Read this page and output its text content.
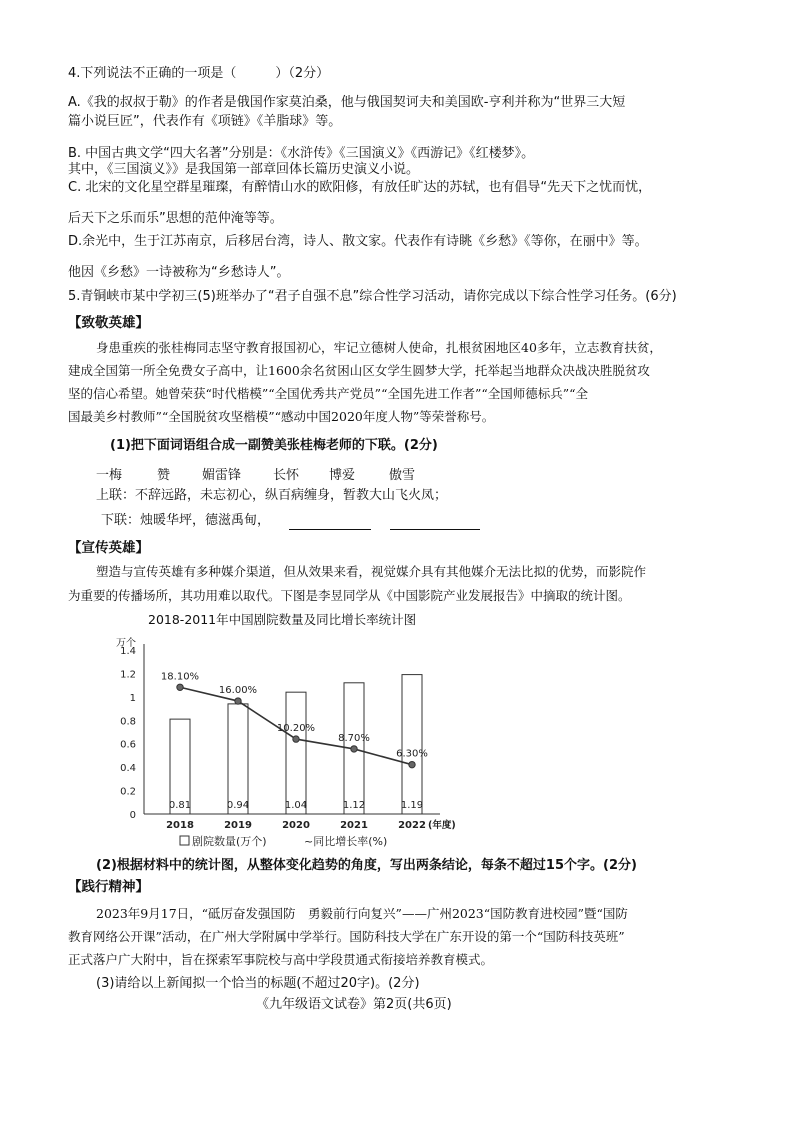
4.下列说法不正确的一项是（　　　）（2分）
A.《我的叔叔于勒》的作者是俄国作家莫泊桑，他与俄国契诃夫和美国欧-亨利并称为“世界三大短
篇小说巨匠”，代表作有《项链》《羊脂球》等。
B. 中国古典文学“四大名著”分别是：《水浒传》《三国演义》《西游记》《红楼梦》。
其中，《三国演义》》是我国第一部章回体长篇历史演义小说。
C. 北宋的文化星空群星璀璨，有醉情山水的欧阳修，有放任旷达的苏轼，也有倡导“先天下之忧而忧，
后天下之乐而乐”思想的范仲淹等等。
D.余光中，生于江苏南京，后移居台湾，诗人、散文家。代表作有诗眺《乡愁》《等你，在丽中》等。
他因《乡愁》一诗被称为“乡愁诗人”。
5.青铜峡市某中学初三(5)班举办了“君子自强不息”综合性学习活动，请你完成以下综合性学习任务。(6分)
【致敬英雄】
身患重疾的张桂梅同志坚守教育报国初心，牢记立德树人使命，扎根贫困地区40多年，立志教育扶贫，
建成全国第一所全免费女子高中，让1600余名贫困山区女学生圆梦大学，托举起当地群众决战决胜脱贫攻
坚的信心希望。她曾荣获“时代楷模”“全国优秀共产党员”“全国先进工作者”“全国师德标兵”“全
国最美乡村教师”“全国脱贫攻坚楷模”“感动中国2020年度人物”等荣誉称号。
(1)把下面词语组合成一副赞美张桂梅老师的下联。(2分)
一梅	赞 媚雷锋 长怀 博爱	傲雪
上联：不辞远路，未忘初心，纵百病缠身，暂教大山飞火凤；
下联：烛暖华坪，德滋禹甸，
【宣传英雄】
塑造与宣传英雄有多种媒介渠道，但从效果来看，视觉媒介具有其他媒介无法比拟的优势，而影院作
为重要的传播场所，其功用难以取代。下图是李昱同学从《中国影院产业发展报告》中摘取的统计图。
万个
0
0.2
0.4
0.6
0.8
1
1.2
1.4
0.81
2018
0.94
2019
1.04
2020
1.12
2021
1.19
2022 (年度)
18.10%
16.00%
10.20%
8.70%
6.30%
剧院数量(万个)	~同比增长率(%)
2018-2011年中国剧院数量及同比增长率统计图
(2)根据材料中的统计图，从整体变化趋势的角度，写出两条结论，每条不超过15个字。(2分)
【践行精神】
2023年9月17日，“砥厉奋发强国防　勇毅前行向复兴”——广州2023“国防教育进校园”暨“国防
教育网络公开课”活动，在广州大学附属中学举行。国防科技大学在广东开设的第一个“国防科技英班”
正式落户广大附中，旨在探索军事院校与高中学段贯通式衔接培养教育模式。
(3)请给以上新闻拟一个恰当的标题(不超过20字)。(2分)
《九年级语文试卷》第2页(共6页)
